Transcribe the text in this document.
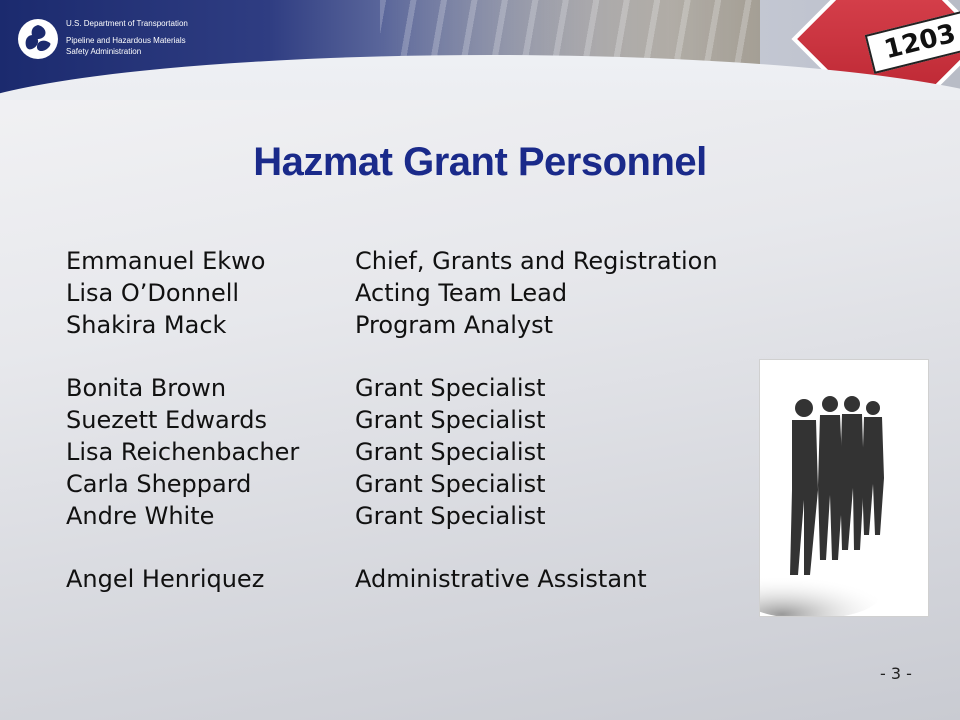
1203
U.S. Department of Transportation
Pipeline and Hazardous Materials
Safety Administration
Hazmat Grant Personnel
Emmanuel Ekwo	Chief, Grants and Registration
Lisa O’Donnell	Acting Team Lead
Shakira Mack	Program Analyst
Bonita Brown	Grant Specialist
Suezett Edwards	Grant Specialist
Lisa Reichenbacher Grant Specialist
Carla Sheppard	Grant Specialist
Andre White	Grant Specialist
Angel Henriquez	Administrative Assistant
- 3 -
